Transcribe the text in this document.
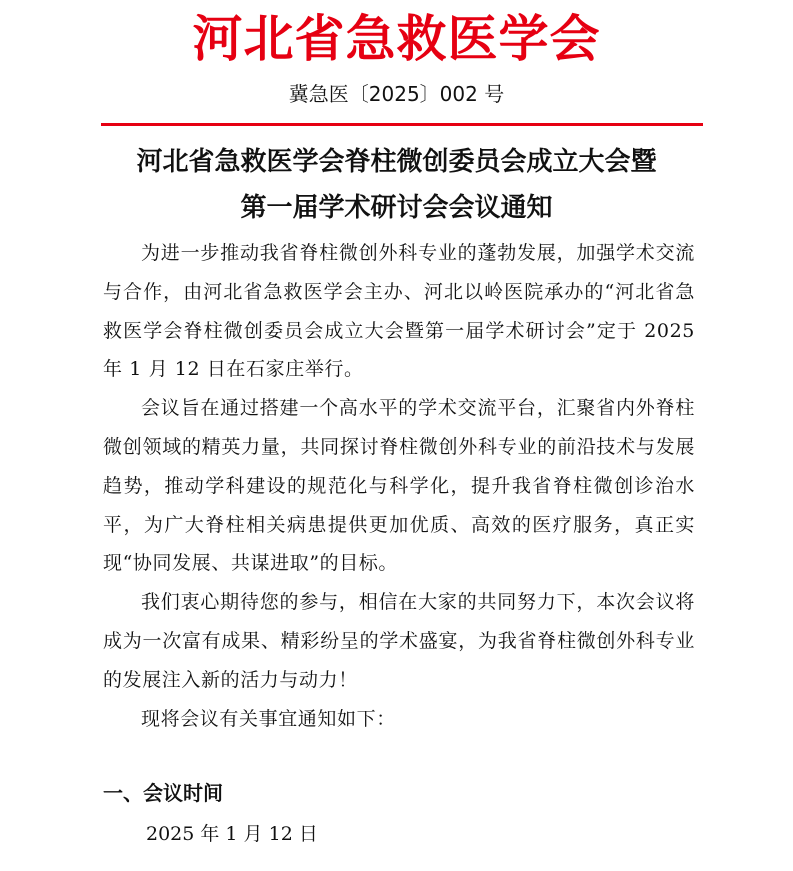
河北省急救医学会
冀急医〔2025〕002 号
河北省急救医学会脊柱微创委员会成立大会暨
第一届学术研讨会会议通知

为进一步推动我省脊柱微创外科专业的蓬勃发展，加强学术交流与合作，由河北省急救医学会主办、河北以岭医院承办的“河北省急救医学会脊柱微创委员会成立大会暨第一届学术研讨会”定于 2025 年 1 月 12 日在石家庄举行。

会议旨在通过搭建一个高水平的学术交流平台，汇聚省内外脊柱微创领域的精英力量，共同探讨脊柱微创外科专业的前沿技术与发展趋势，推动学科建设的规范化与科学化，提升我省脊柱微创诊治水平，为广大脊柱相关病患提供更加优质、高效的医疗服务，真正实现“协同发展、共谋进取”的目标。

我们衷心期待您的参与，相信在大家的共同努力下，本次会议将成为一次富有成果、精彩纷呈的学术盛宴，为我省脊柱微创外科专业的发展注入新的活力与动力！

现将会议有关事宜通知如下：

一、会议时间
2025 年 1 月 12 日
